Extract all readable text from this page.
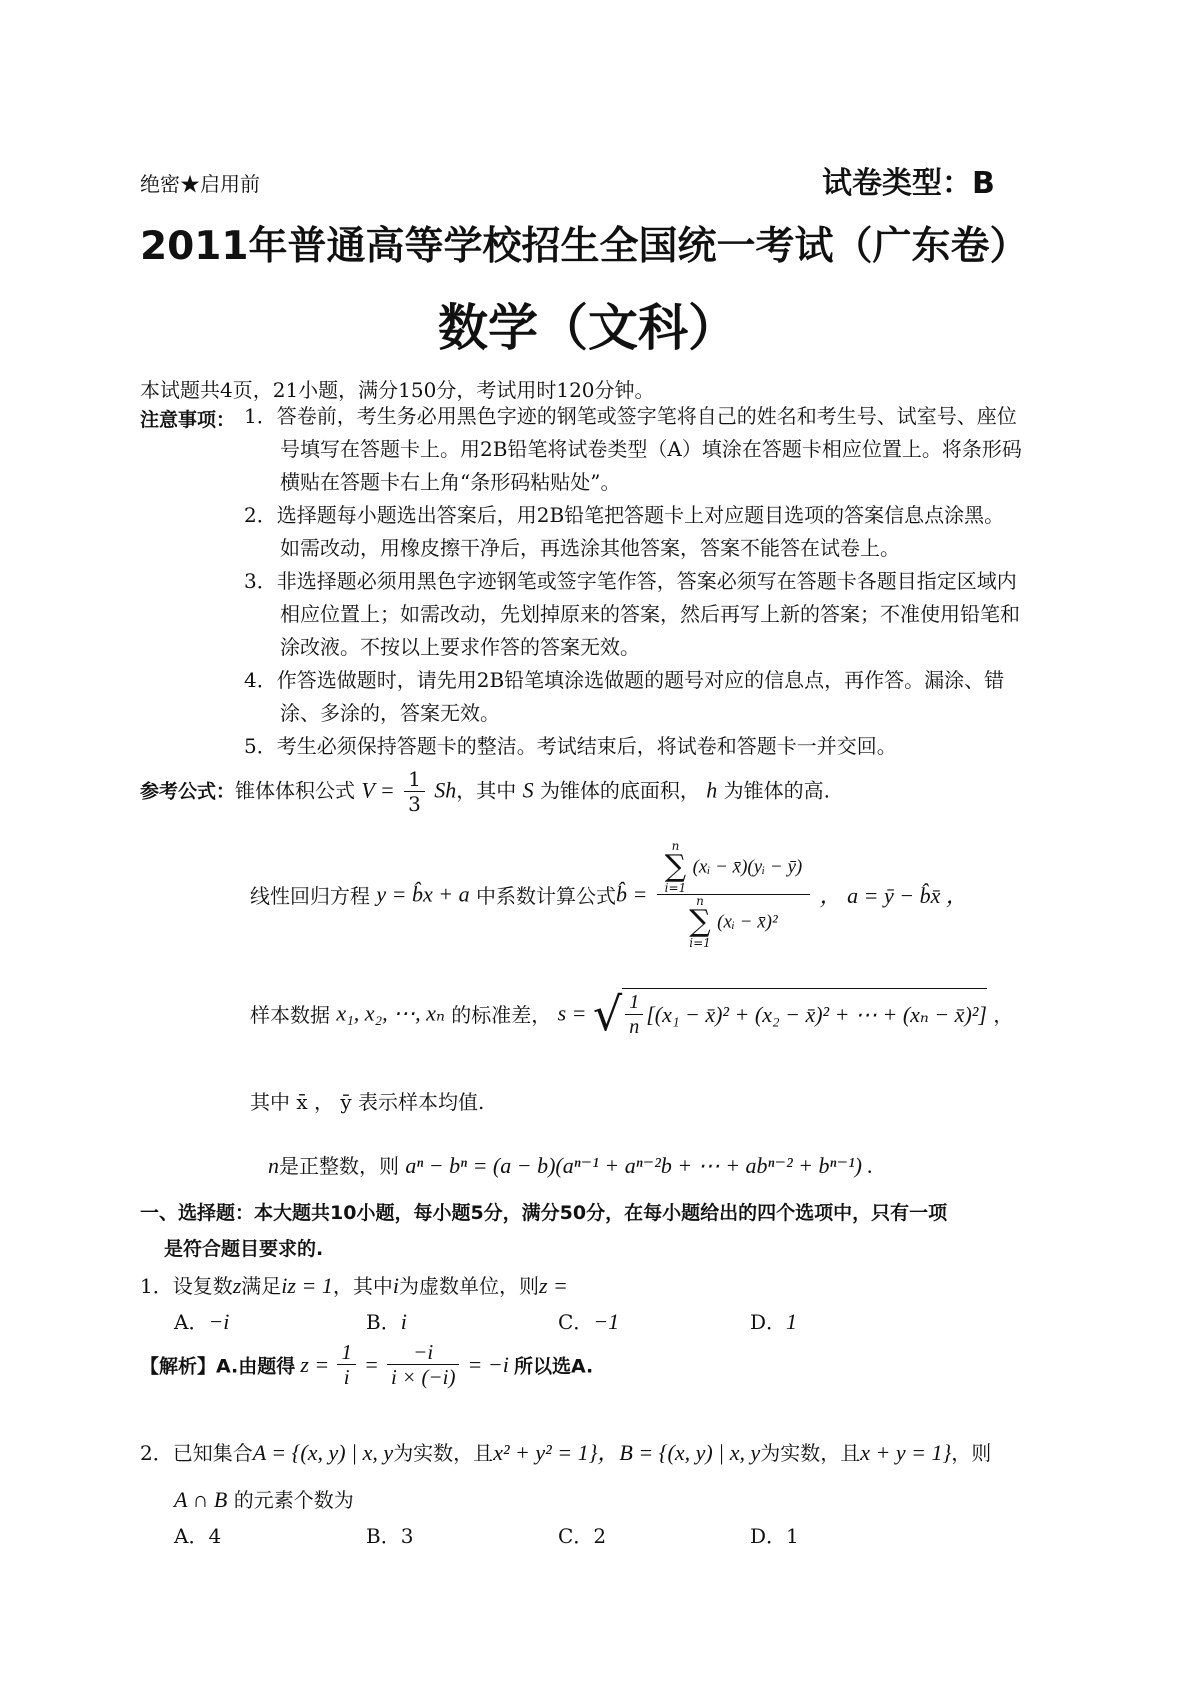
绝密★启用前	试卷类型：B
2011年普通高等学校招生全国统一考试（广东卷）
数学（文科）
本试题共4页，21小题，满分150分，考试用时120分钟。
注意事项： 1．答卷前，考生务必用黑色字迹的钢笔或签字笔将自己的姓名和考生号、试室号、座位
号填写在答题卡上。用2B铅笔将试卷类型（A）填涂在答题卡相应位置上。将条形码
横贴在答题卡右上角“条形码粘贴处”。
2．选择题每小题选出答案后，用2B铅笔把答题卡上对应题目选项的答案信息点涂黑。
如需改动，用橡皮擦干净后，再选涂其他答案，答案不能答在试卷上。
3．非选择题必须用黑色字迹钢笔或签字笔作答，答案必须写在答题卡各题目指定区域内
相应位置上；如需改动，先划掉原来的答案，然后再写上新的答案；不准使用铅笔和
涂改液。不按以上要求作答的答案无效。
4．作答选做题时，请先用2B铅笔填涂选做题的题号对应的信息点，再作答。漏涂、错
涂、多涂的，答案无效。
5．考生必须保持答题卡的整洁。考试结束后，将试卷和答题卡一并交回。
参考公式：锥体体积公式 $V = \frac{1}{3}$ Sh，其中 S 为锥体的底面积， h 为锥体的高.
线性回归方程 y = b̂x + a 中系数计算公式b̂ = n
∑
i=1
(xᵢ − x̄)(yᵢ − ȳ)
n
∑
i=1
(xᵢ − x̄)² ， a = ȳ − b̂x̄ ，
样本数据 x₁, x₂, ⋯, xₙ 的标准差， s = √ $\frac{1}{n} [(x_1$ − x̄)² + (x₂ − x̄)² + ⋯ + (xₙ − x̄)²] ，
其中 x̄ ， ȳ 表示样本均值.
n是正整数，则 aⁿ − bⁿ = (a − b)(aⁿ⁻¹ + aⁿ⁻²b + ⋯ + abⁿ⁻² + bⁿ⁻¹) .
一、选择题：本大题共10小题，每小题5分，满分50分，在每小题给出的四个选项中，只有一项
是符合题目要求的.
1．设复数z满足iz = 1，其中i为虚数单位，则z =
A．−i	B．i	C．−1	D．1
【解析】A.由题得 $z = \frac{1}{i} = \frac{-i}{i \times (-i)} = -i$ 所以选A.
2．已知集合A = {(x, y) | x, y为实数，且x² + y² = 1}，B = {(x, y) | x, y为实数，且x + y = 1}，则
A ∩ B 的元素个数为
A．4	B．3	C．2	D．1
